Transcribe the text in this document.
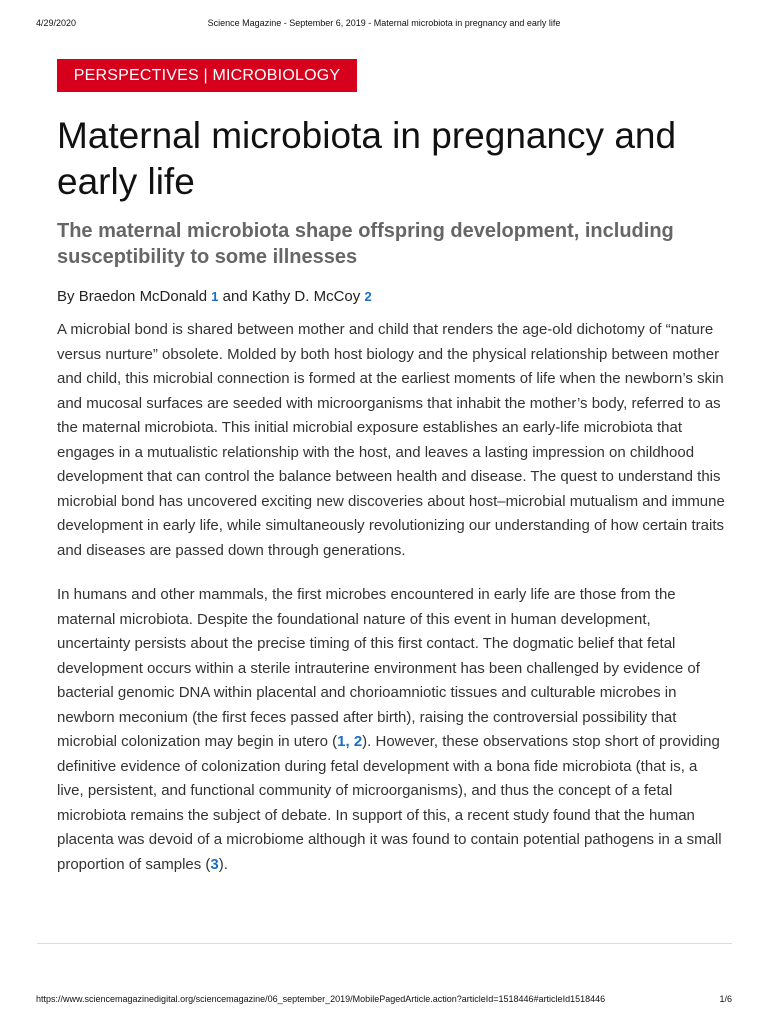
4/29/2020	Science Magazine - September 6, 2019 - Maternal microbiota in pregnancy and early life
PERSPECTIVES | MICROBIOLOGY
Maternal microbiota in pregnancy and early life
The maternal microbiota shape offspring development, including susceptibility to some illnesses
By Braedon McDonald 1 and Kathy D. McCoy 2

A microbial bond is shared between mother and child that renders the age-old dichotomy of “nature versus nurture” obsolete. Molded by both host biology and the physical relationship between mother and child, this microbial connection is formed at the earliest moments of life when the newborn’s skin and mucosal surfaces are seeded with microorganisms that inhabit the mother’s body, referred to as the maternal microbiota. This initial microbial exposure establishes an early-life microbiota that engages in a mutualistic relationship with the host, and leaves a lasting impression on childhood development that can control the balance between health and disease. The quest to understand this microbial bond has uncovered exciting new discoveries about host–microbial mutualism and immune development in early life, while simultaneously revolutionizing our understanding of how certain traits and diseases are passed down through generations.

In humans and other mammals, the first microbes encountered in early life are those from the maternal microbiota. Despite the foundational nature of this event in human development, uncertainty persists about the precise timing of this first contact. The dogmatic belief that fetal development occurs within a sterile intrauterine environment has been challenged by evidence of bacterial genomic DNA within placental and chorioamniotic tissues and culturable microbes in newborn meconium (the first feces passed after birth), raising the controversial possibility that microbial colonization may begin in utero (1, 2). However, these observations stop short of providing definitive evidence of colonization during fetal development with a bona fide microbiota (that is, a live, persistent, and functional community of microorganisms), and thus the concept of a fetal microbiota remains the subject of debate. In support of this, a recent study found that the human placenta was devoid of a microbiome although it was found to contain potential pathogens in a small proportion of samples (3).

https://www.sciencemagazinedigital.org/sciencemagazine/06_september_2019/MobilePagedArticle.action?articleId=1518446#articleId1518446	1/6
